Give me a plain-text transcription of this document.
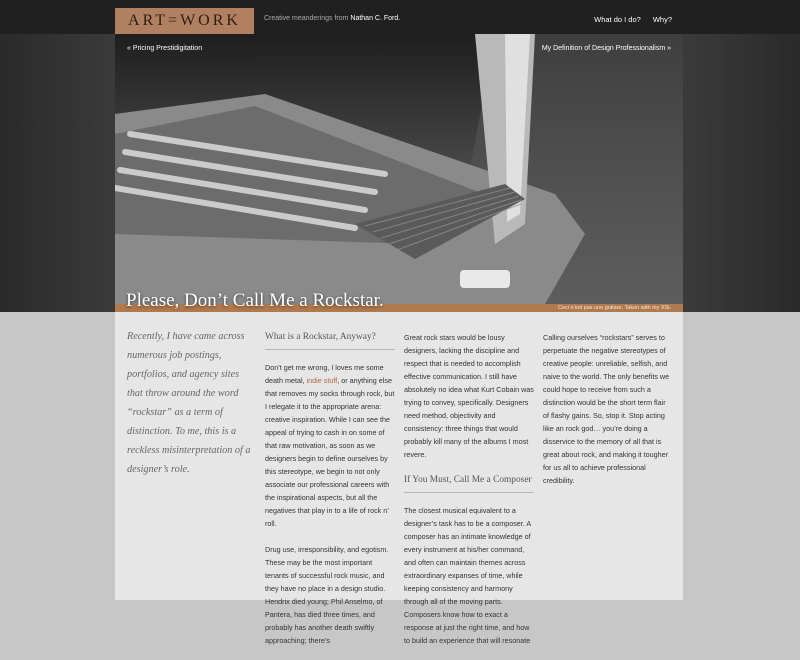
ART=WORK	Creative meanderings from Nathan C. Ford.	What do I do? Why?
« Pricing Prestidigitation	My Definition of Design Professionalism »
Please, Don’t Call Me a Rockstar.	Ceci n’est pas une guitare. Taken with my XSi.
Recently, I have came across numerous job postings, portfolios, and agency sites that throw around the word “rockstar” as a term of distinction. To me, this is a reckless misinterpretation of a designer’s role.
What is a Rockstar, Anyway?

Don’t get me wrong, I loves me some death metal, indie stuff, or anything else that removes my socks through rock, but I relegate it to the appropriate arena: creative inspiration. While I can see the appeal of trying to cash in on some of that raw motivation, as soon as we designers begin to define ourselves by this stereotype, we begin to not only associate our professional careers with the inspirational aspects, but all the negatives that play in to a life of rock n’ roll.

Drug use, irresponsibility, and egotism. These may be the most important tenants of successful rock music, and they have no place in a design studio. Hendrix died young; Phil Anselmo, of Pantera, has died three times, and probably has another death swiftly approaching; there’s

Great rock stars would be lousy designers, lacking the discipline and respect that is needed to accomplish effective communication. I still have absolutely no idea what Kurt Cobain was trying to convey, specifically. Designers need method, objectivity and consistency: three things that would probably kill many of the albums I most revere.

If You Must, Call Me a Composer

The closest musical equivalent to a designer’s task has to be a composer. A composer has an intimate knowledge of every instrument at his/her command, and often can maintain themes across extraordinary expanses of time, while keeping consistency and harmony through all of the moving parts. Composers know how to exact a response at just the right time, and how to build an experience that will resonate

Calling ourselves “rockstars” serves to perpetuate the negative stereotypes of creative people: unreliable, selfish, and naive to the world. The only benefits we could hope to receive from such a distinction would be the short term flair of flashy gains. So, stop it. Stop acting like an rock god… you’re doing a disservice to the memory of all that is great about rock, and making it tougher for us all to achieve professional credibility.
